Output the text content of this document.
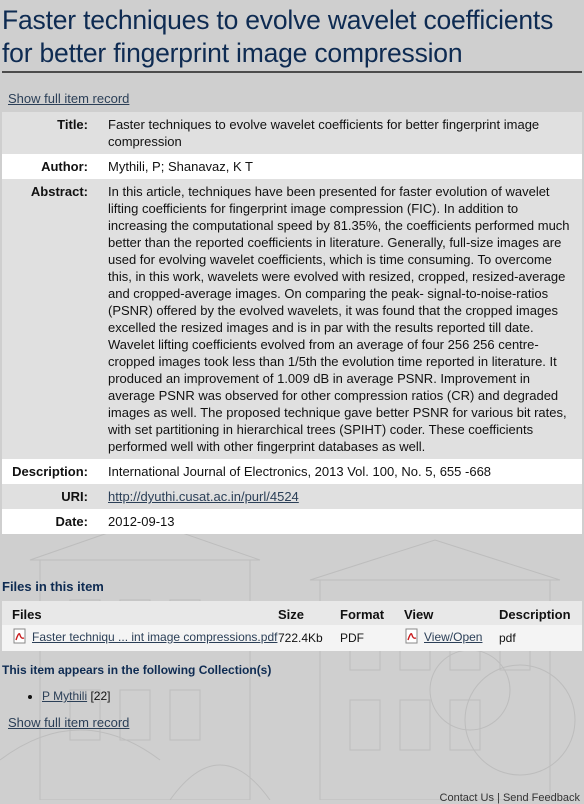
Faster techniques to evolve wavelet coefficients for better fingerprint image compression
Show full item record
Title:	Faster techniques to evolve wavelet coefficients for better fingerprint image compression
Author:	Mythili, P; Shanavaz, K T
Abstract:	In this article, techniques have been presented for faster evolution of wavelet lifting coefficients for fingerprint image compression (FIC). In addition to increasing the computational speed by 81.35%, the coefficients performed much better than the reported coefficients in literature. Generally, full-size images are used for evolving wavelet coefficients, which is time consuming. To overcome this, in this work, wavelets were evolved with resized, cropped, resized-average and cropped-average images. On comparing the peak- signal-to-noise-ratios (PSNR) offered by the evolved wavelets, it was found that the cropped images excelled the resized images and is in par with the results reported till date. Wavelet lifting coefficients evolved from an average of four 256 256 centre-cropped images took less than 1/5th the evolution time reported in literature. It produced an improvement of 1.009 dB in average PSNR. Improvement in average PSNR was observed for other compression ratios (CR) and degraded images as well. The proposed technique gave better PSNR for various bit rates, with set partitioning in hierarchical trees (SPIHT) coder. These coefficients performed well with other fingerprint databases as well.
Description:	International Journal of Electronics, 2013 Vol. 100, No. 5, 655 -668
URI:	http://dyuthi.cusat.ac.in/purl/4524
Date:	2012-09-13
Files in this item
Files	Size	Format	View	Description
Faster techniqu ... int image compressions.pdf	722.4Kb	PDF	View/Open	pdf
This item appears in the following Collection(s)
• P Mythili [22]
Show full item record
Contact Us | Send Feedback
